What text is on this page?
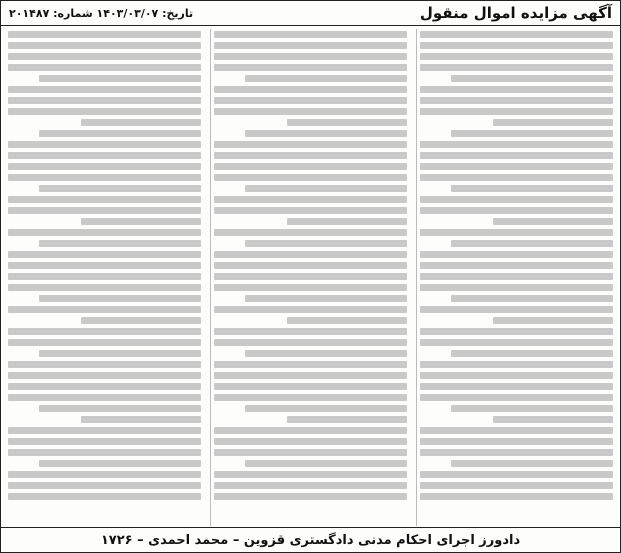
آگهی مزایده اموال منقول
تاریخ: ۱۴۰۳/۰۳/۰۷ شماره: ۲۰۱۴۸۷
دادورز اجرای احکام مدنی دادگستری قزوین – محمد احمدی – ۱۷۲۶
